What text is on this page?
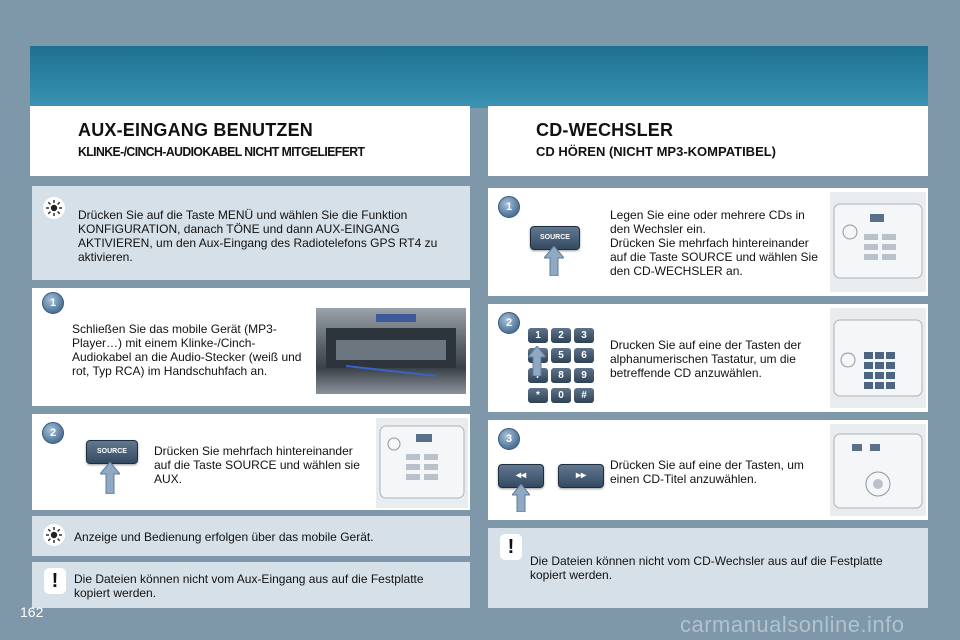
AUX-EINGANG BENUTZEN
KLINKE-/CINCH-AUDIOKABEL NICHT MITGELIEFERT
CD-WECHSLER
CD HÖREN (NICHT MP3-KOMPATIBEL)
Drücken Sie auf die Taste MENÜ und wählen Sie die Funktion KONFIGURATION, danach TÖNE und dann AUX-EINGANG AKTIVIEREN, um den Aux-Eingang des Radiotelefons GPS RT4 zu aktivieren.
1
Schließen Sie das mobile Gerät (MP3-Player…) mit einem Klinke-/Cinch-Audiokabel an die Audio-Stecker (weiß und rot, Typ RCA) im Handschuhfach an.
2
SOURCE	Drücken Sie mehrfach hintereinander auf die Taste SOURCE und wählen sie AUX.
Anzeige und Bedienung erfolgen über das mobile Gerät.
!	Die Dateien können nicht vom Aux-Eingang aus auf die Festplatte kopiert werden.
1
SOURCE
Legen Sie eine oder mehrere CDs in den Wechsler ein.
Drücken Sie mehrfach hintereinander auf die Taste SOURCE und wählen Sie den CD-WECHSLER an.
2
1	2	3
5	6
8	9
*	0	#
Drucken Sie auf eine der Tasten der alphanumerischen Tastatur, um die betreffende CD anzuwählen.
3
◂◂	▸▸
Drücken Sie auf eine der Tasten, um einen CD-Titel anzuwählen.
!
Die Dateien können nicht vom CD-Wechsler aus auf die Festplatte kopiert werden.
162	carmanualsonline.info
